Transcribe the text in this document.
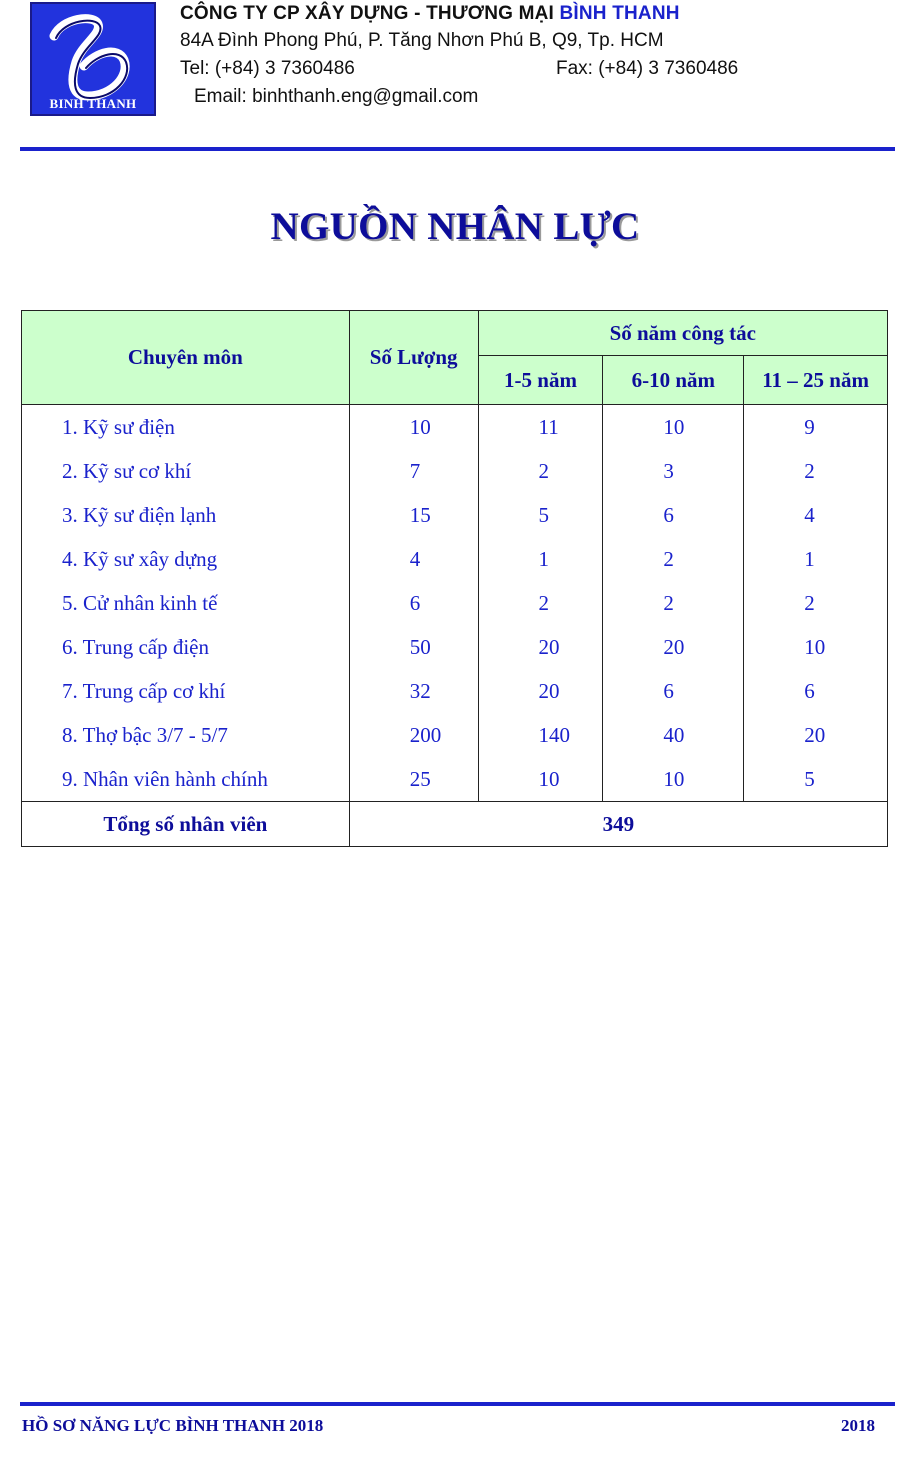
BINH THANH
CÔNG TY CP XÂY DỰNG - THƯƠNG MẠI BÌNH THANH
84A Đình Phong Phú, P. Tăng Nhơn Phú B, Q9, Tp. HCM
Tel: (+84) 3 7360486	Fax: (+84) 3 7360486
Email: binhthanh.eng@gmail.com
NGUỒN NHÂN LỰC
Chuyên môn	Số Lượng	Số năm công tác		
		1-5 năm	6-10 năm	11 – 25 năm
1. Kỹ sư điện	10	11	10	9
2. Kỹ sư cơ khí	7	2	3	2
3. Kỹ sư điện lạnh	15	5	6	4
4. Kỹ sư xây dựng	4	1	2	1
5. Cử nhân kinh tế	6	2	2	2
6. Trung cấp điện	50	20	20	10
7. Trung cấp cơ khí	32	20	6	6
8. Thợ bậc 3/7 - 5/7	200	140	40	20
9. Nhân viên hành chính	25	10	10	5
Tổng số nhân viên	349			
HỒ SƠ NĂNG LỰC BÌNH THANH 2018	2018
